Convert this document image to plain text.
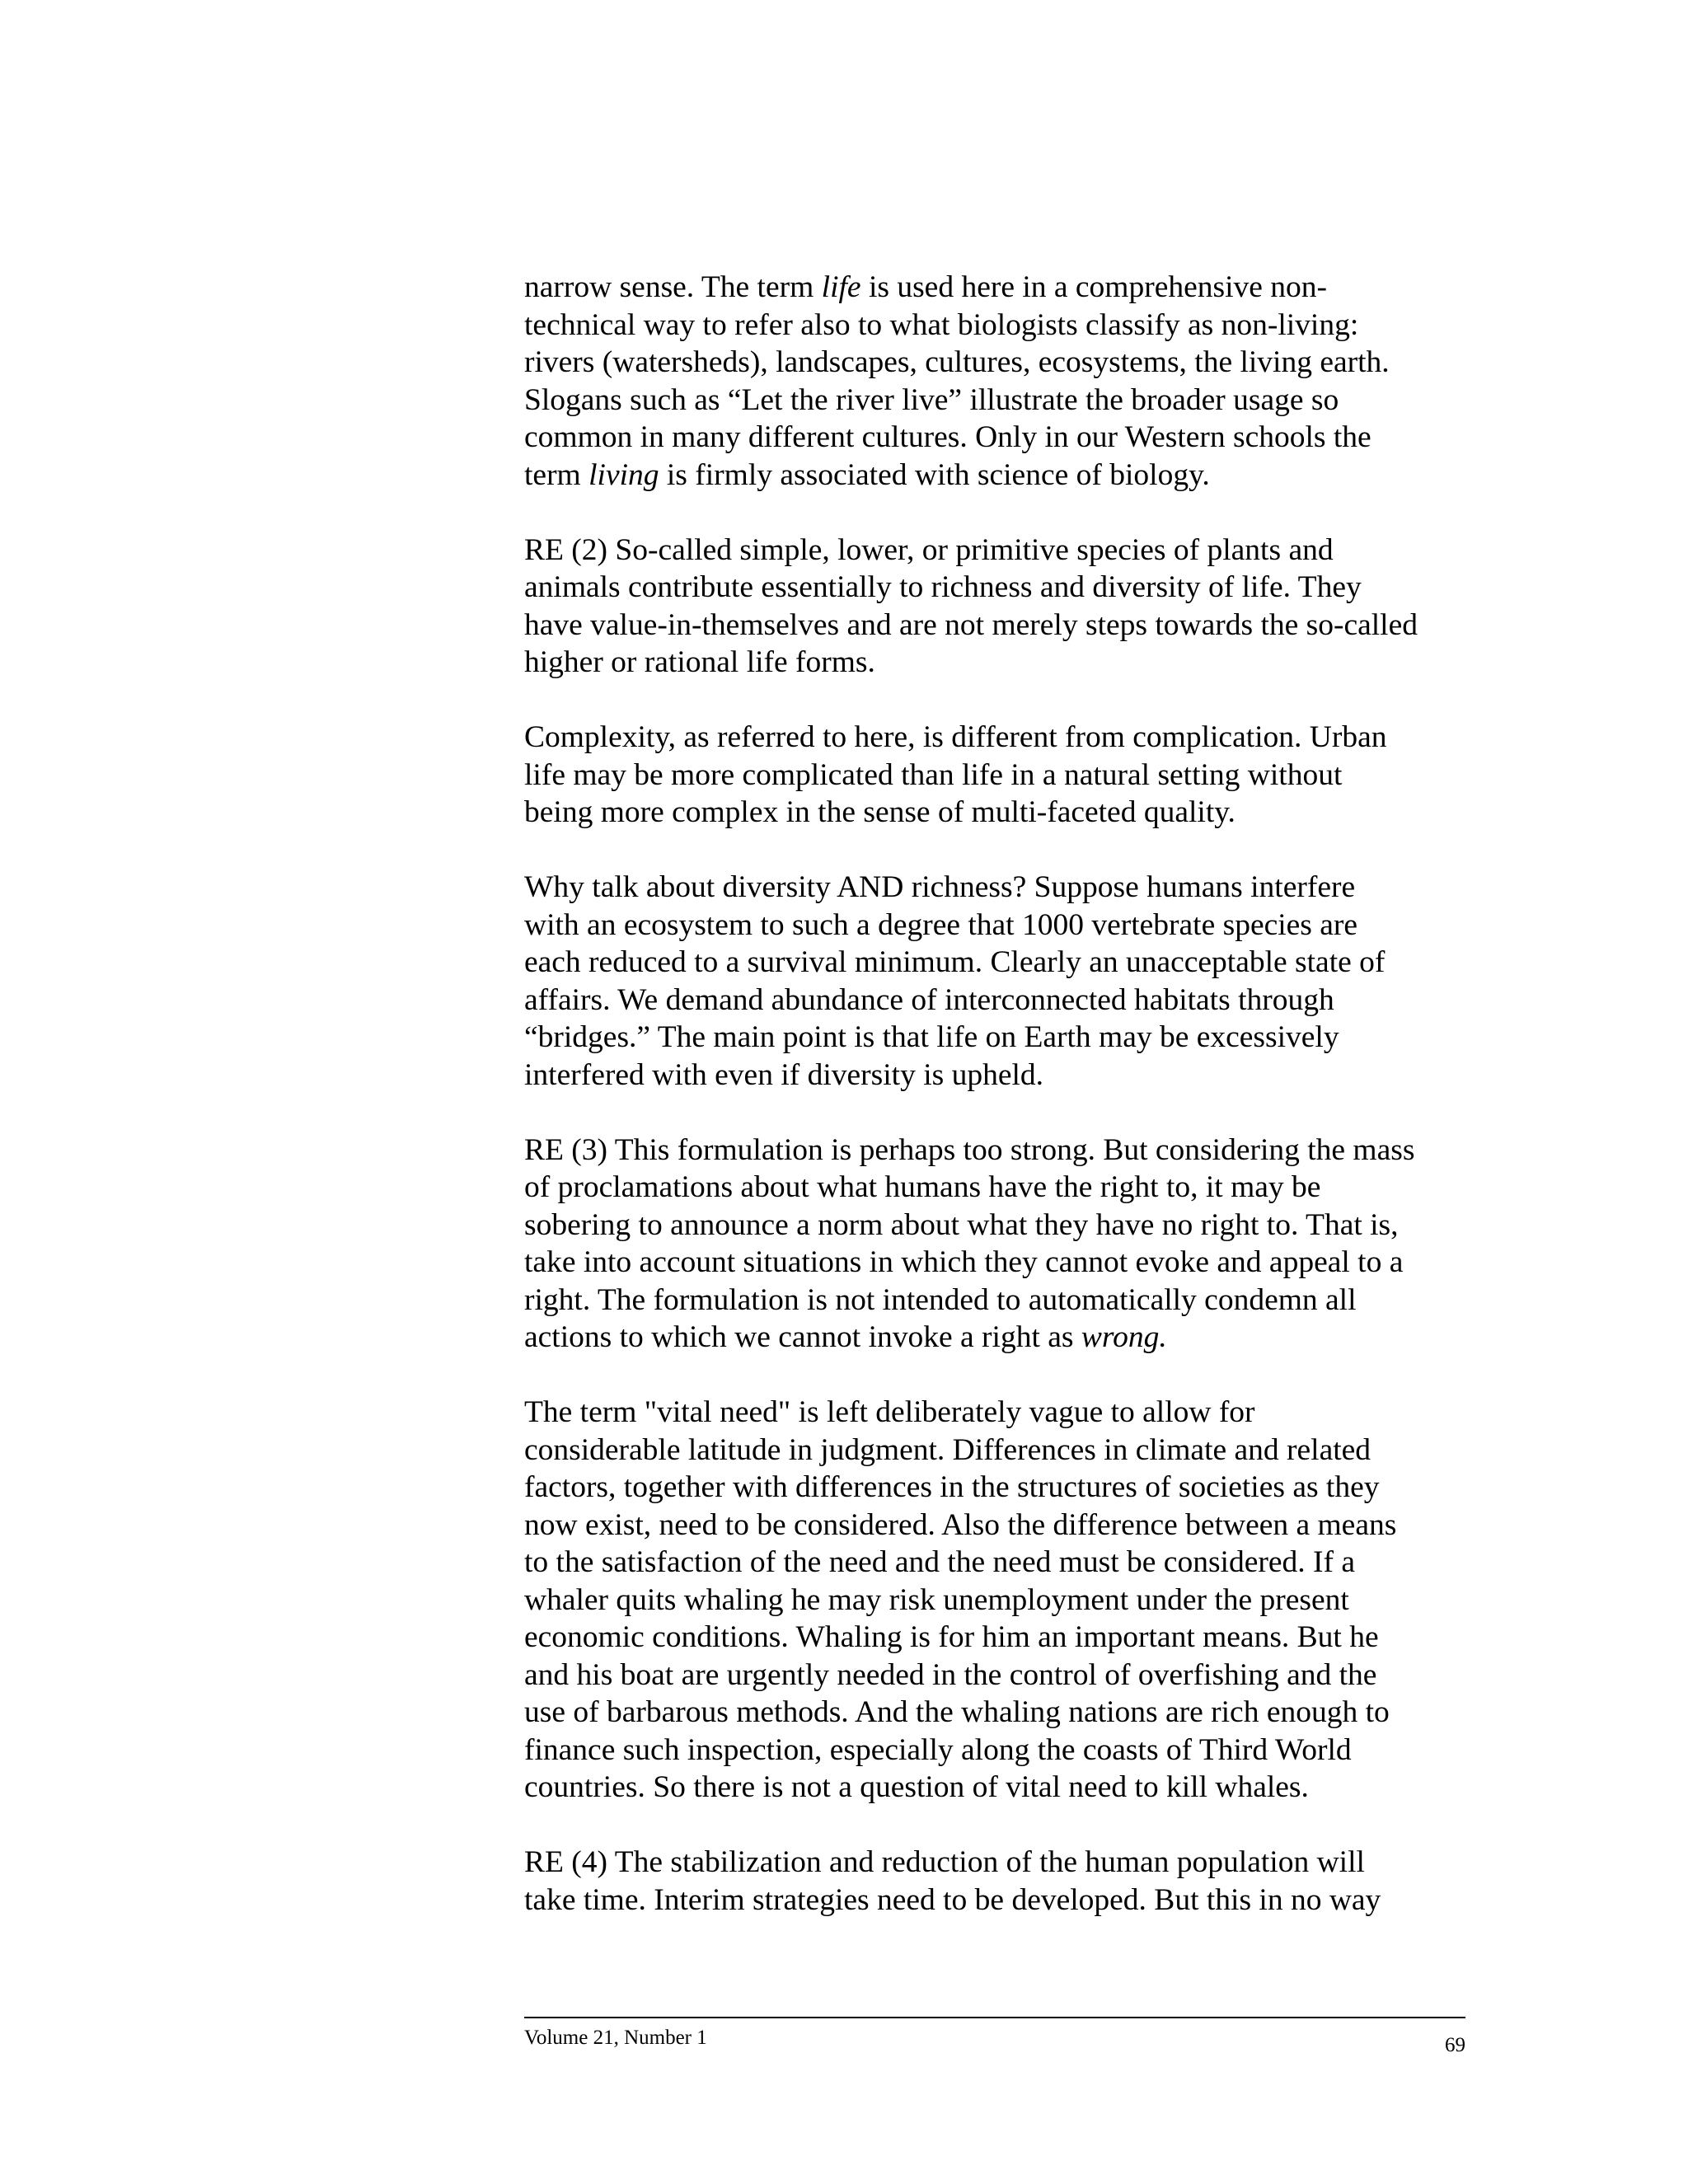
narrow sense. The term life is used here in a comprehensive non-
technical way to refer also to what biologists classify as non-living:
rivers (watersheds), landscapes, cultures, ecosystems, the living earth.
Slogans such as “Let the river live” illustrate the broader usage so
common in many different cultures. Only in our Western schools the
term living is firmly associated with science of biology.
RE (2) So-called simple, lower, or primitive species of plants and
animals contribute essentially to richness and diversity of life. They
have value-in-themselves and are not merely steps towards the so-called
higher or rational life forms.
Complexity, as referred to here, is different from complication. Urban
life may be more complicated than life in a natural setting without
being more complex in the sense of multi-faceted quality.
Why talk about diversity AND richness? Suppose humans interfere
with an ecosystem to such a degree that 1000 vertebrate species are
each reduced to a survival minimum. Clearly an unacceptable state of
affairs. We demand abundance of interconnected habitats through
“bridges.” The main point is that life on Earth may be excessively
interfered with even if diversity is upheld.
RE (3) This formulation is perhaps too strong. But considering the mass
of proclamations about what humans have the right to, it may be
sobering to announce a norm about what they have no right to. That is,
take into account situations in which they cannot evoke and appeal to a
right. The formulation is not intended to automatically condemn all
actions to which we cannot invoke a right as wrong.
The term "vital need" is left deliberately vague to allow for
considerable latitude in judgment. Differences in climate and related
factors, together with differences in the structures of societies as they
now exist, need to be considered. Also the difference between a means
to the satisfaction of the need and the need must be considered. If a
whaler quits whaling he may risk unemployment under the present
economic conditions. Whaling is for him an important means. But he
and his boat are urgently needed in the control of overfishing and the
use of barbarous methods. And the whaling nations are rich enough to
finance such inspection, especially along the coasts of Third World
countries. So there is not a question of vital need to kill whales.
RE (4) The stabilization and reduction of the human population will
take time. Interim strategies need to be developed. But this in no way
Volume 21, Number 1	69
